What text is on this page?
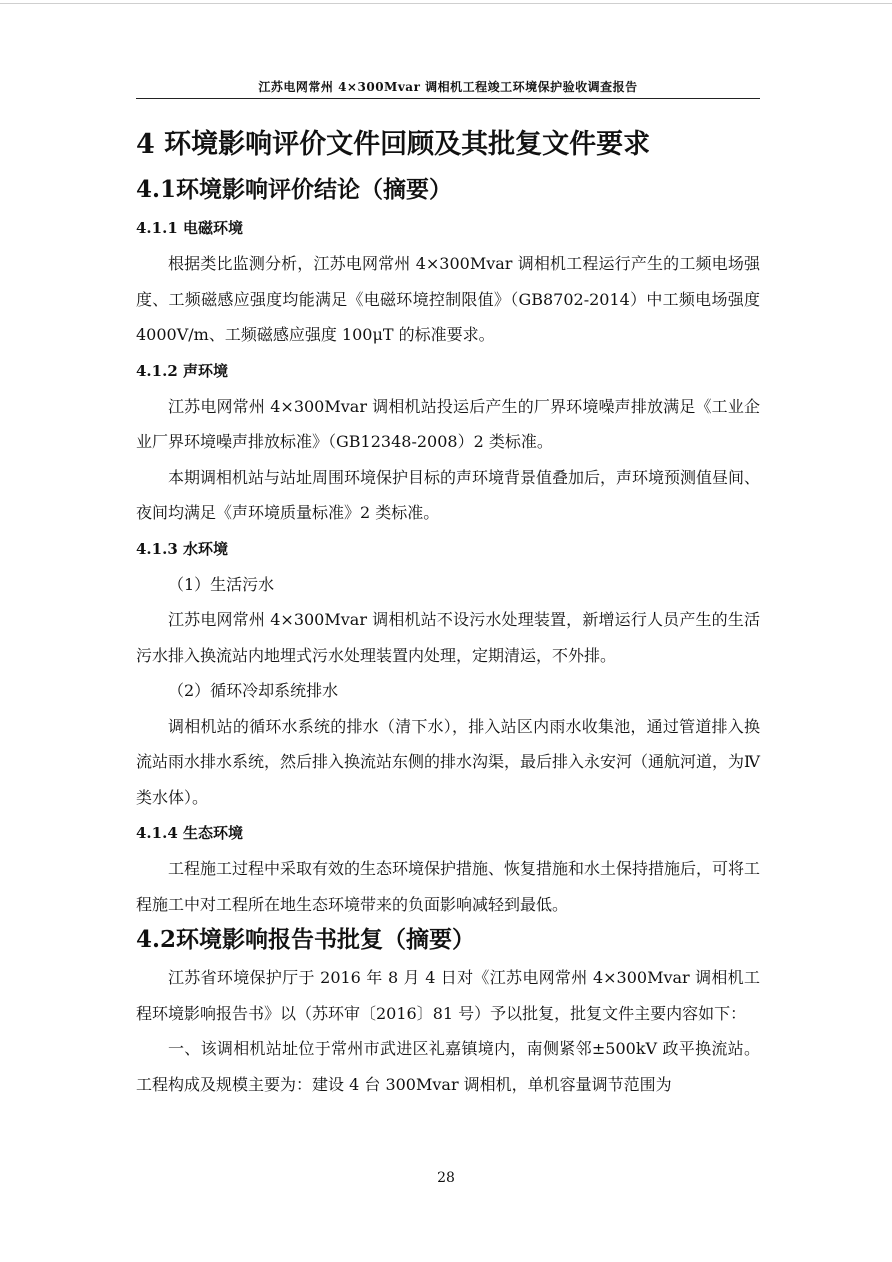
江苏电网常州 4×300Mvar 调相机工程竣工环境保护验收调查报告
4 环境影响评价文件回顾及其批复文件要求
4.1环境影响评价结论（摘要）
4.1.1 电磁环境

根据类比监测分析，江苏电网常州 4×300Mvar 调相机工程运行产生的工频电场强度、工频磁感应强度均能满足《电磁环境控制限值》（GB8702-2014）中工频电场强度 4000V/m、工频磁感应强度 100μT 的标准要求。

4.1.2 声环境

江苏电网常州 4×300Mvar 调相机站投运后产生的厂界环境噪声排放满足《工业企业厂界环境噪声排放标准》（GB12348-2008）2 类标准。

本期调相机站与站址周围环境保护目标的声环境背景值叠加后，声环境预测值昼间、夜间均满足《声环境质量标准》2 类标准。

4.1.3 水环境

（1）生活污水

江苏电网常州 4×300Mvar 调相机站不设污水处理装置，新增运行人员产生的生活污水排入换流站内地埋式污水处理装置内处理，定期清运，不外排。

（2）循环冷却系统排水

调相机站的循环水系统的排水（清下水），排入站区内雨水收集池，通过管道排入换流站雨水排水系统，然后排入换流站东侧的排水沟渠，最后排入永安河（通航河道，为Ⅳ类水体）。

4.1.4 生态环境

工程施工过程中采取有效的生态环境保护措施、恢复措施和水土保持措施后，可将工程施工中对工程所在地生态环境带来的负面影响减轻到最低。

4.2环境影响报告书批复（摘要）

江苏省环境保护厅于 2016 年 8 月 4 日对《江苏电网常州 4×300Mvar 调相机工程环境影响报告书》以（苏环审〔2016〕81 号）予以批复，批复文件主要内容如下：

一、该调相机站址位于常州市武进区礼嘉镇境内，南侧紧邻±500kV 政平换流站。工程构成及规模主要为：建设 4 台 300Mvar 调相机，单机容量调节范围为

28
